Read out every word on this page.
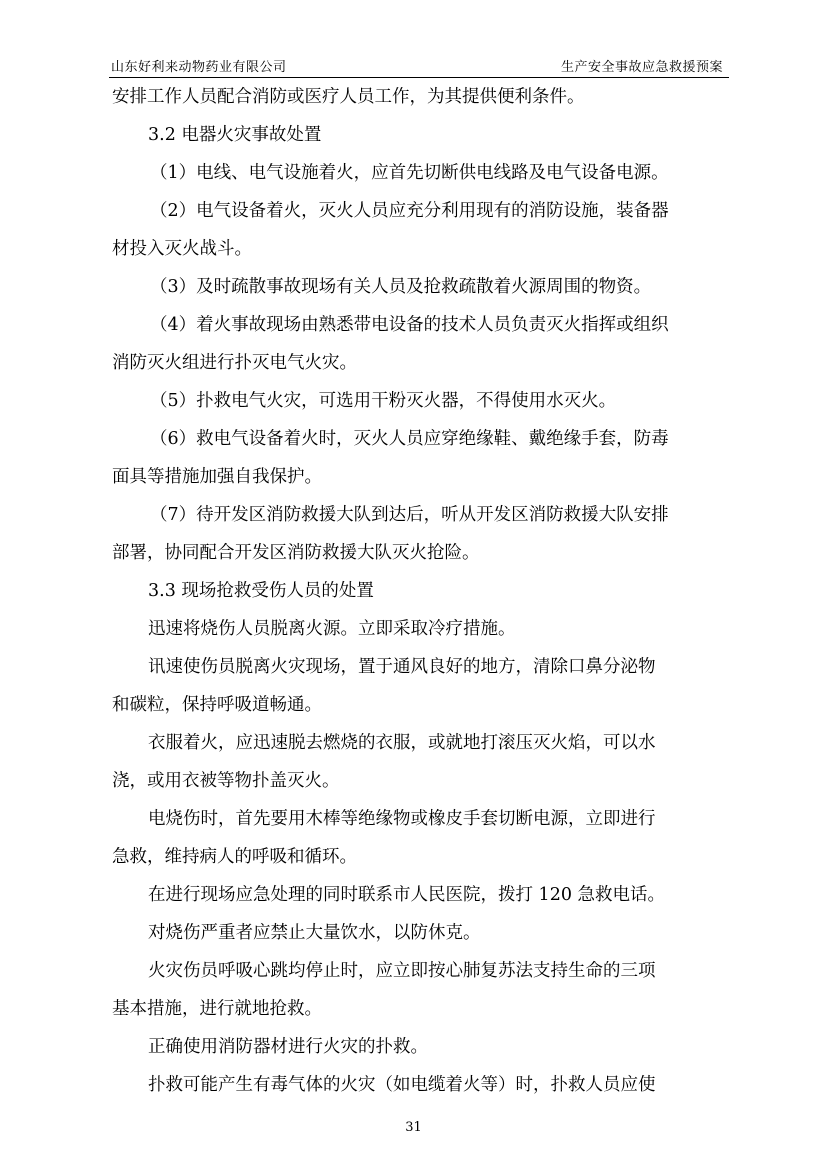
山东好利来动物药业有限公司	生产安全事故应急救援预案
安排工作人员配合消防或医疗人员工作，为其提供便利条件。
3.2 电器火灾事故处置
（1）电线、电气设施着火，应首先切断供电线路及电气设备电源。
（2）电气设备着火，灭火人员应充分利用现有的消防设施，装备器
材投入灭火战斗。
（3）及时疏散事故现场有关人员及抢救疏散着火源周围的物资。
（4）着火事故现场由熟悉带电设备的技术人员负责灭火指挥或组织
消防灭火组进行扑灭电气火灾。
（5）扑救电气火灾，可选用干粉灭火器，不得使用水灭火。
（6）救电气设备着火时，灭火人员应穿绝缘鞋、戴绝缘手套，防毒
面具等措施加强自我保护。
（7）待开发区消防救援大队到达后，听从开发区消防救援大队安排
部署，协同配合开发区消防救援大队灭火抢险。
3.3 现场抢救受伤人员的处置
迅速将烧伤人员脱离火源。立即采取冷疗措施。
讯速使伤员脱离火灾现场，置于通风良好的地方，清除口鼻分泌物
和碳粒，保持呼吸道畅通。
衣服着火，应迅速脱去燃烧的衣服，或就地打滚压灭火焰，可以水
浇，或用衣被等物扑盖灭火。
电烧伤时，首先要用木棒等绝缘物或橡皮手套切断电源，立即进行
急救，维持病人的呼吸和循环。
在进行现场应急处理的同时联系市人民医院，拨打 120 急救电话。
对烧伤严重者应禁止大量饮水，以防休克。
火灾伤员呼吸心跳均停止时，应立即按心肺复苏法支持生命的三项
基本措施，进行就地抢救。
正确使用消防器材进行火灾的扑救。
扑救可能产生有毒气体的火灾（如电缆着火等）时，扑救人员应使
31
